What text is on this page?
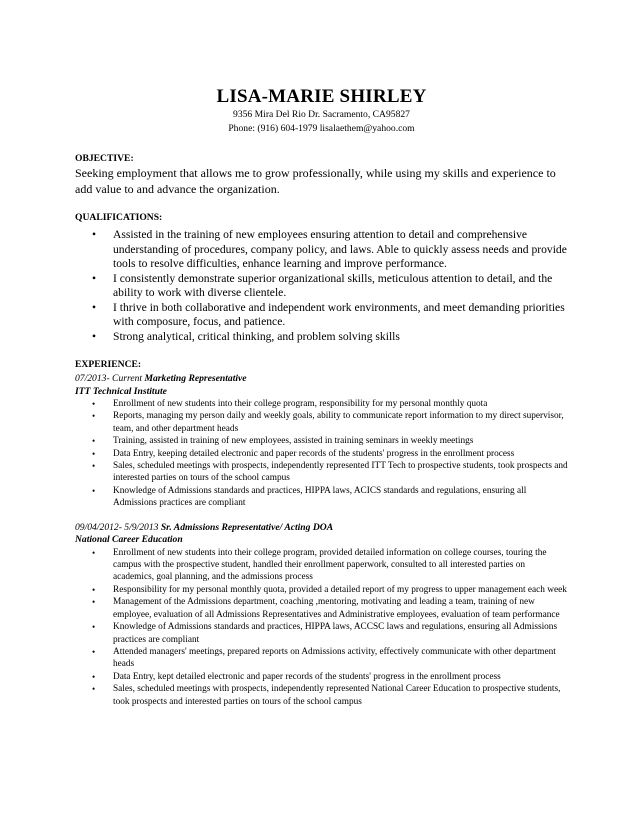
LISA-MARIE SHIRLEY
9356 Mira Del Rio Dr. Sacramento, CA95827
Phone: (916) 604-1979 lisalaethem@yahoo.com
OBJECTIVE:
Seeking employment that allows me to grow professionally, while using my skills and experience to add value to and advance the organization.
QUALIFICATIONS:
• Assisted in the training of new employees ensuring attention to detail and comprehensive understanding of procedures, company policy, and laws. Able to quickly assess needs and provide tools to resolve difficulties, enhance learning and improve performance.
• I consistently demonstrate superior organizational skills, meticulous attention to detail, and the ability to work with diverse clientele.
• I thrive in both collaborative and independent work environments, and meet demanding priorities with composure, focus, and patience.
• Strong analytical, critical thinking, and problem solving skills
EXPERIENCE:
07/2013- Current Marketing Representative
ITT Technical Institute
• Enrollment of new students into their college program, responsibility for my personal monthly quota
• Reports, managing my person daily and weekly goals, ability to communicate report information to my direct supervisor, team, and other department heads
• Training, assisted in training of new employees, assisted in training seminars in weekly meetings
• Data Entry, keeping detailed electronic and paper records of the students' progress in the enrollment process
• Sales, scheduled meetings with prospects, independently represented ITT Tech to prospective students, took prospects and interested parties on tours of the school campus
• Knowledge of Admissions standards and practices, HIPPA laws, ACICS standards and regulations, ensuring all Admissions practices are compliant
09/04/2012- 5/9/2013 Sr. Admissions Representative/ Acting DOA
National Career Education
• Enrollment of new students into their college program, provided detailed information on college courses, touring the campus with the prospective student, handled their enrollment paperwork, consulted to all interested parties on academics, goal planning, and the admissions process
• Responsibility for my personal monthly quota, provided a detailed report of my progress to upper management each week
• Management of the Admissions department, coaching ,mentoring, motivating and leading a team, training of new employee, evaluation of all Admissions Representatives and Administrative employees, evaluation of team performance
• Knowledge of Admissions standards and practices, HIPPA laws, ACCSC laws and regulations, ensuring all Admissions practices are compliant
• Attended managers' meetings, prepared reports on Admissions activity, effectively communicate with other department heads
• Data Entry, kept detailed electronic and paper records of the students' progress in the enrollment process
• Sales, scheduled meetings with prospects, independently represented National Career Education to prospective students, took prospects and interested parties on tours of the school campus
